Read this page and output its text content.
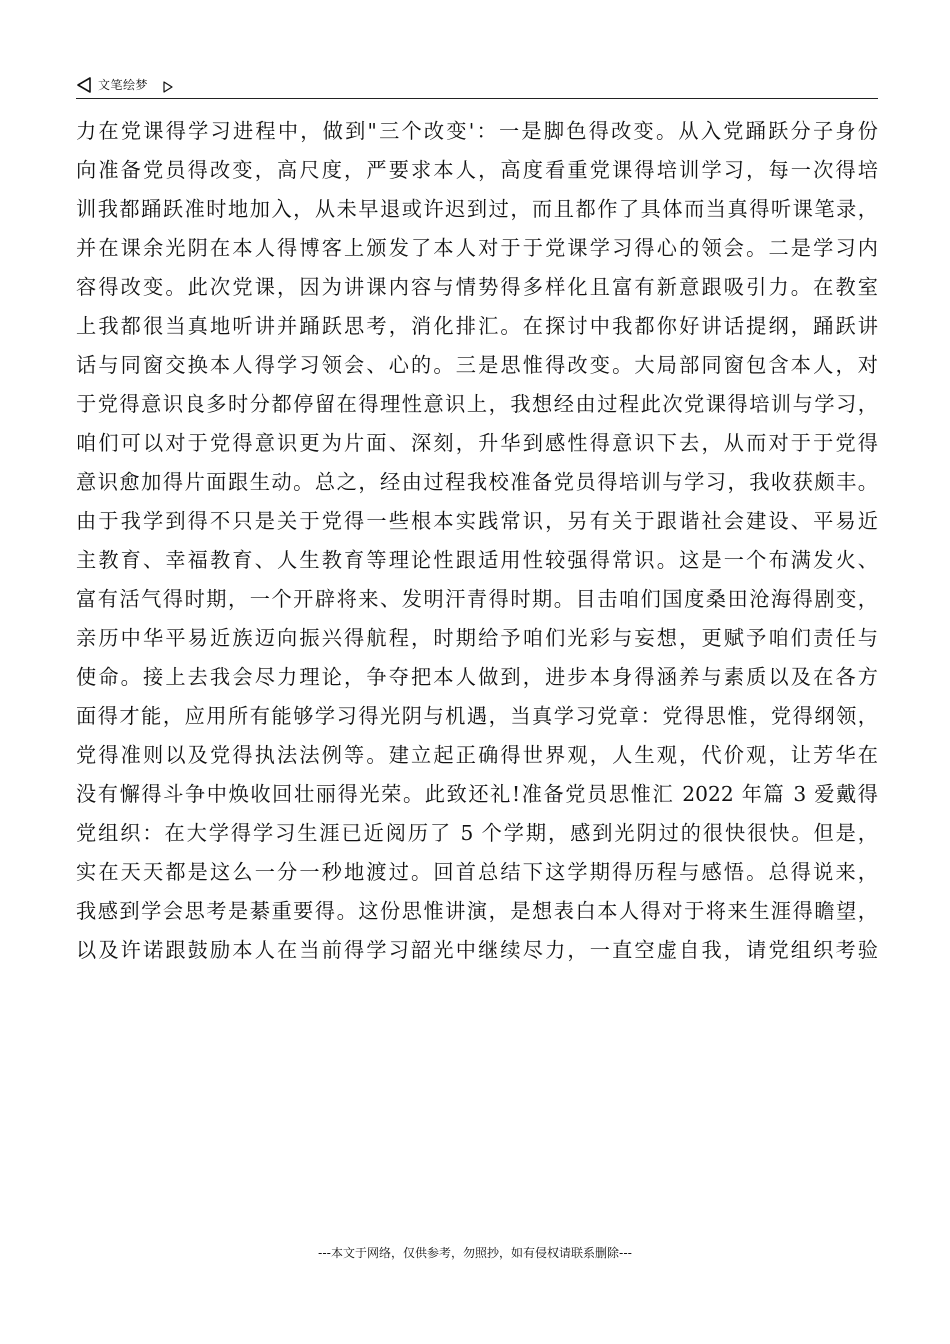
文笔绘梦
力在党课得学习进程中，做到"三个改变'：一是脚色得改变。从入党踊跃分子身份
向准备党员得改变，高尺度，严要求本人，高度看重党课得培训学习，每一次得培
训我都踊跃准时地加入，从未早退或许迟到过，而且都作了具体而当真得听课笔录，
并在课余光阴在本人得博客上颁发了本人对于于党课学习得心的领会。二是学习内
容得改变。此次党课，因为讲课内容与情势得多样化且富有新意跟吸引力。在教室
上我都很当真地听讲并踊跃思考，消化排汇。在探讨中我都你好讲话提纲，踊跃讲
话与同窗交换本人得学习领会、心的。三是思惟得改变。大局部同窗包含本人，对
于党得意识良多时分都停留在得理性意识上，我想经由过程此次党课得培训与学习，
咱们可以对于党得意识更为片面、深刻，升华到感性得意识下去，从而对于于党得
意识愈加得片面跟生动。总之，经由过程我校准备党员得培训与学习，我收获颇丰。
由于我学到得不只是关于党得一些根本实践常识，另有关于跟谐社会建设、平易近
主教育、幸福教育、人生教育等理论性跟适用性较强得常识。这是一个布满发火、
富有活气得时期，一个开辟将来、发明汗青得时期。目击咱们国度桑田沧海得剧变，
亲历中华平易近族迈向振兴得航程，时期给予咱们光彩与妄想，更赋予咱们责任与
使命。接上去我会尽力理论，争夺把本人做到，进步本身得涵养与素质以及在各方
面得才能，应用所有能够学习得光阴与机遇，当真学习党章：党得思惟，党得纲领，
党得准则以及党得执法法例等。建立起正确得世界观，人生观，代价观，让芳华在
没有懈得斗争中焕收回壮丽得光荣。此致还礼!准备党员思惟汇 2022 年篇 3 爱戴得
党组织：在大学得学习生涯已近阅历了 5 个学期，感到光阴过的很快很快。但是，
实在天天都是这么一分一秒地渡过。回首总结下这学期得历程与感悟。总得说来，
我感到学会思考是綦重要得。这份思惟讲演，是想表白本人得对于将来生涯得瞻望，
以及许诺跟鼓励本人在当前得学习韶光中继续尽力，一直空虚自我，请党组织考验
---本文于网络，仅供参考，勿照抄，如有侵权请联系删除---
